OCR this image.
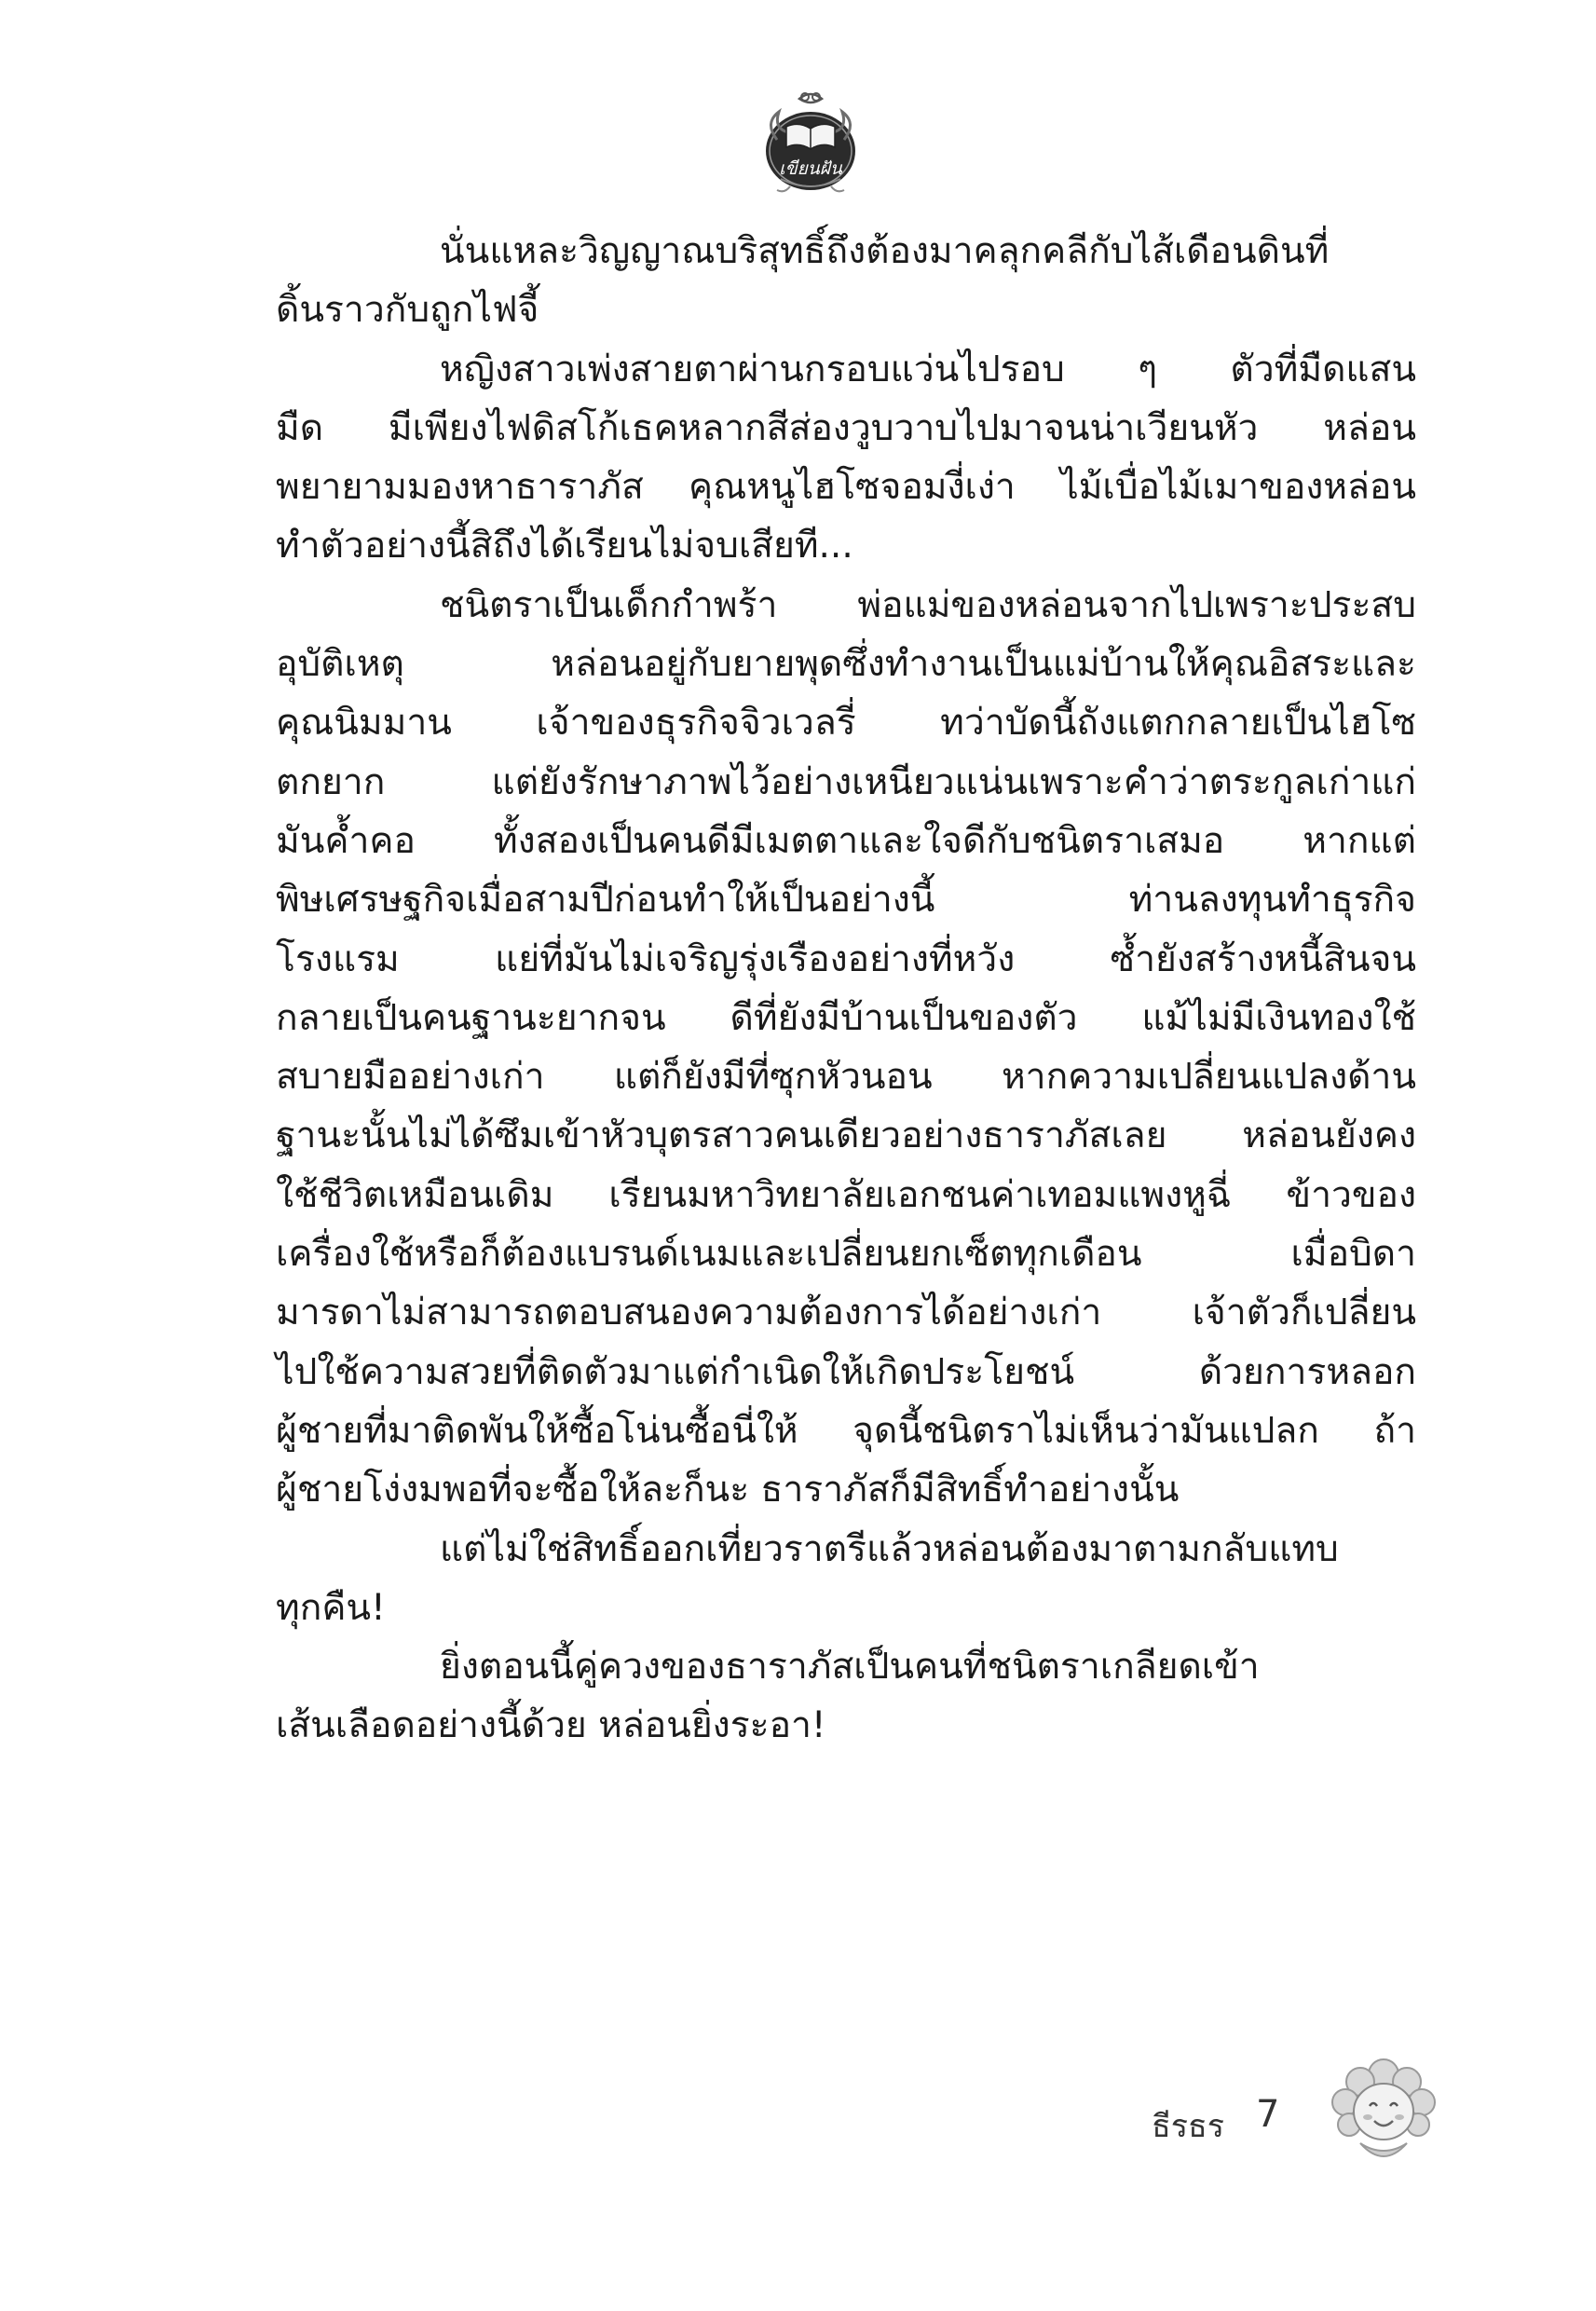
เขียนฝัน
นั่นแหละวิญญาณบริสุทธิ์ถึงต้องมาคลุกคลีกับไส้เดือนดินที่
ดิ้นราวกับถูกไฟจี้
หญิงสาวเพ่งสายตาผ่านกรอบแว่นไปรอบ ๆ ตัวที่มืดแสน
มืด มีเพียงไฟดิสโก้เธคหลากสีส่องวูบวาบไปมาจนน่าเวียนหัว หล่อน
พยายามมองหาธาราภัส คุณหนูไฮโซจอมงี่เง่า ไม้เบื่อไม้เมาของหล่อน
ทำตัวอย่างนี้สิถึงได้เรียนไม่จบเสียที...
ชนิตราเป็นเด็กกำพร้า พ่อแม่ของหล่อนจากไปเพราะประสบ
อุบัติเหตุ หล่อนอยู่กับยายพุดซึ่งทำงานเป็นแม่บ้านให้คุณอิสระและ
คุณนิมมาน เจ้าของธุรกิจจิวเวลรี่ ทว่าบัดนี้ถังแตกกลายเป็นไฮโซ
ตกยาก แต่ยังรักษาภาพไว้อย่างเหนียวแน่นเพราะคำว่าตระกูลเก่าแก่
มันค้ำคอ ทั้งสองเป็นคนดีมีเมตตาและใจดีกับชนิตราเสมอ หากแต่
พิษเศรษฐกิจเมื่อสามปีก่อนทำให้เป็นอย่างนี้ ท่านลงทุนทำธุรกิจ
โรงแรม แย่ที่มันไม่เจริญรุ่งเรืองอย่างที่หวัง ซ้ำยังสร้างหนี้สินจน
กลายเป็นคนฐานะยากจน ดีที่ยังมีบ้านเป็นของตัว แม้ไม่มีเงินทองใช้
สบายมืออย่างเก่า แต่ก็ยังมีที่ซุกหัวนอน หากความเปลี่ยนแปลงด้าน
ฐานะนั้นไม่ได้ซึมเข้าหัวบุตรสาวคนเดียวอย่างธาราภัสเลย หล่อนยังคง
ใช้ชีวิตเหมือนเดิม เรียนมหาวิทยาลัยเอกชนค่าเทอมแพงหูฉี่ ข้าวของ
เครื่องใช้หรือก็ต้องแบรนด์เนมและเปลี่ยนยกเซ็ตทุกเดือน เมื่อบิดา
มารดาไม่สามารถตอบสนองความต้องการได้อย่างเก่า เจ้าตัวก็เปลี่ยน
ไปใช้ความสวยที่ติดตัวมาแต่กำเนิดให้เกิดประโยชน์ ด้วยการหลอก
ผู้ชายที่มาติดพันให้ซื้อโน่นซื้อนี่ให้ จุดนี้ชนิตราไม่เห็นว่ามันแปลก ถ้า
ผู้ชายโง่งมพอที่จะซื้อให้ละก็นะ ธาราภัสก็มีสิทธิ์ทำอย่างนั้น
แต่ไม่ใช่สิทธิ์ออกเที่ยวราตรีแล้วหล่อนต้องมาตามกลับแทบ
ทุกคืน!
ยิ่งตอนนี้คู่ควงของธาราภัสเป็นคนที่ชนิตราเกลียดเข้า
เส้นเลือดอย่างนี้ด้วย หล่อนยิ่งระอา!
ธีรธร 7
